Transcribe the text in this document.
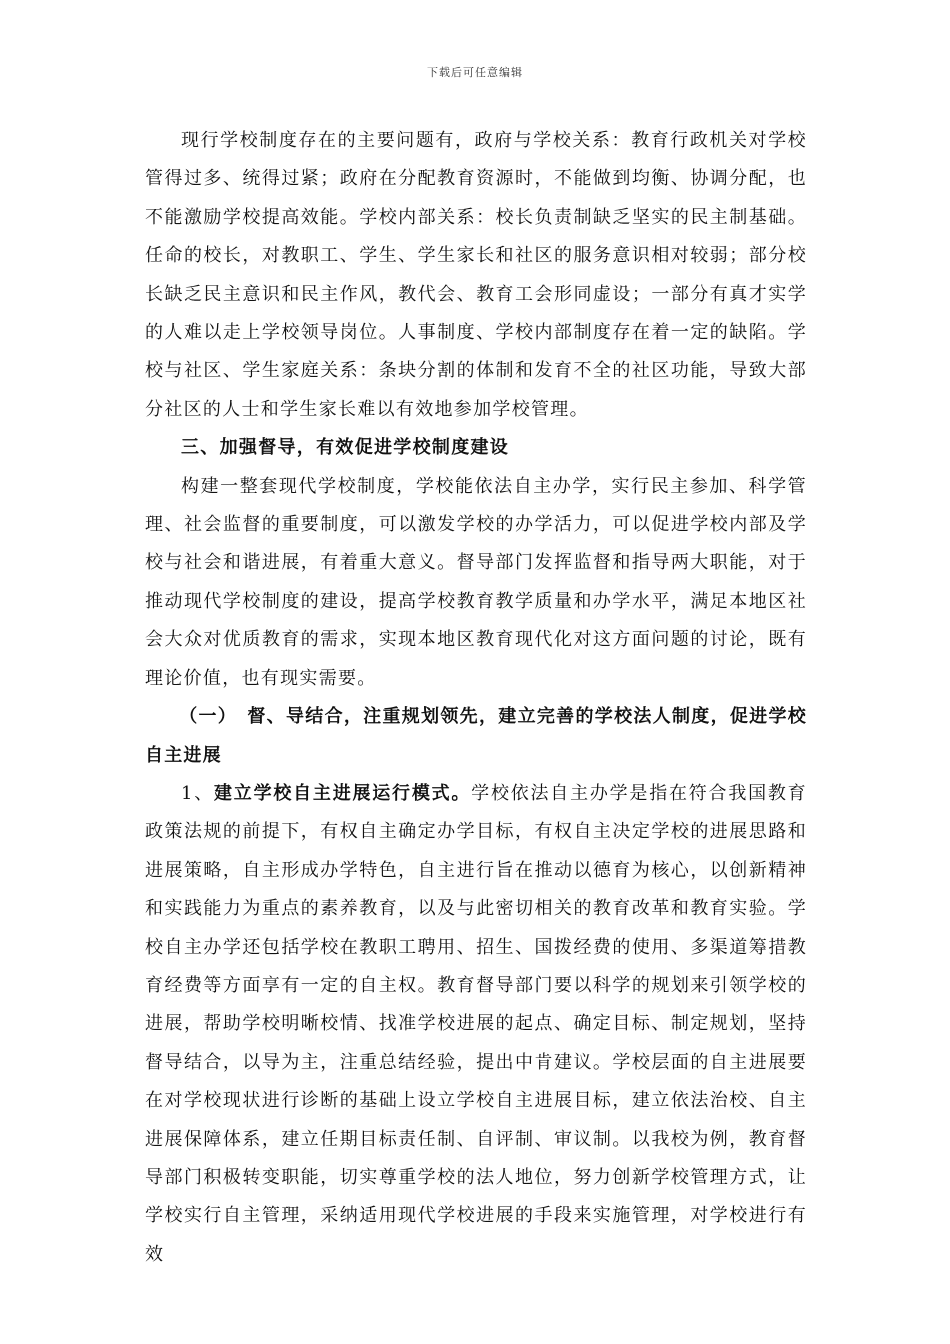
下载后可任意编辑

现行学校制度存在的主要问题有，政府与学校关系：教育行政机关对学校管得过多、统得过紧；政府在分配教育资源时，不能做到均衡、协调分配，也不能激励学校提高效能。学校内部关系：校长负责制缺乏坚实的民主制基础。任命的校长，对教职工、学生、学生家长和社区的服务意识相对较弱；部分校长缺乏民主意识和民主作风，教代会、教育工会形同虚设；一部分有真才实学的人难以走上学校领导岗位。人事制度、学校内部制度存在着一定的缺陷。学校与社区、学生家庭关系：条块分割的体制和发育不全的社区功能，导致大部分社区的人士和学生家长难以有效地参加学校管理。

三、加强督导，有效促进学校制度建设

构建一整套现代学校制度，学校能依法自主办学，实行民主参加、科学管理、社会监督的重要制度，可以激发学校的办学活力，可以促进学校内部及学校与社会和谐进展，有着重大意义。督导部门发挥监督和指导两大职能，对于推动现代学校制度的建设，提高学校教育教学质量和办学水平，满足本地区社会大众对优质教育的需求，实现本地区教育现代化对这方面问题的讨论，既有理论价值，也有现实需要。

（一）　督、导结合，注重规划领先，建立完善的学校法人制度，促进学校自主进展

1、建立学校自主进展运行模式。学校依法自主办学是指在符合我国教育政策法规的前提下，有权自主确定办学目标，有权自主决定学校的进展思路和进展策略，自主形成办学特色，自主进行旨在推动以德育为核心，以创新精神和实践能力为重点的素养教育，以及与此密切相关的教育改革和教育实验。学校自主办学还包括学校在教职工聘用、招生、国拨经费的使用、多渠道筹措教育经费等方面享有一定的自主权。教育督导部门要以科学的规划来引领学校的进展，帮助学校明晰校情、找准学校进展的起点、确定目标、制定规划，坚持督导结合，以导为主，注重总结经验，提出中肯建议。学校层面的自主进展要在对学校现状进行诊断的基础上设立学校自主进展目标，建立依法治校、自主进展保障体系，建立任期目标责任制、自评制、审议制。以我校为例，教育督导部门积极转变职能，切实尊重学校的法人地位，努力创新学校管理方式，让学校实行自主管理，采纳适用现代学校进展的手段来实施管理，对学校进行有效
